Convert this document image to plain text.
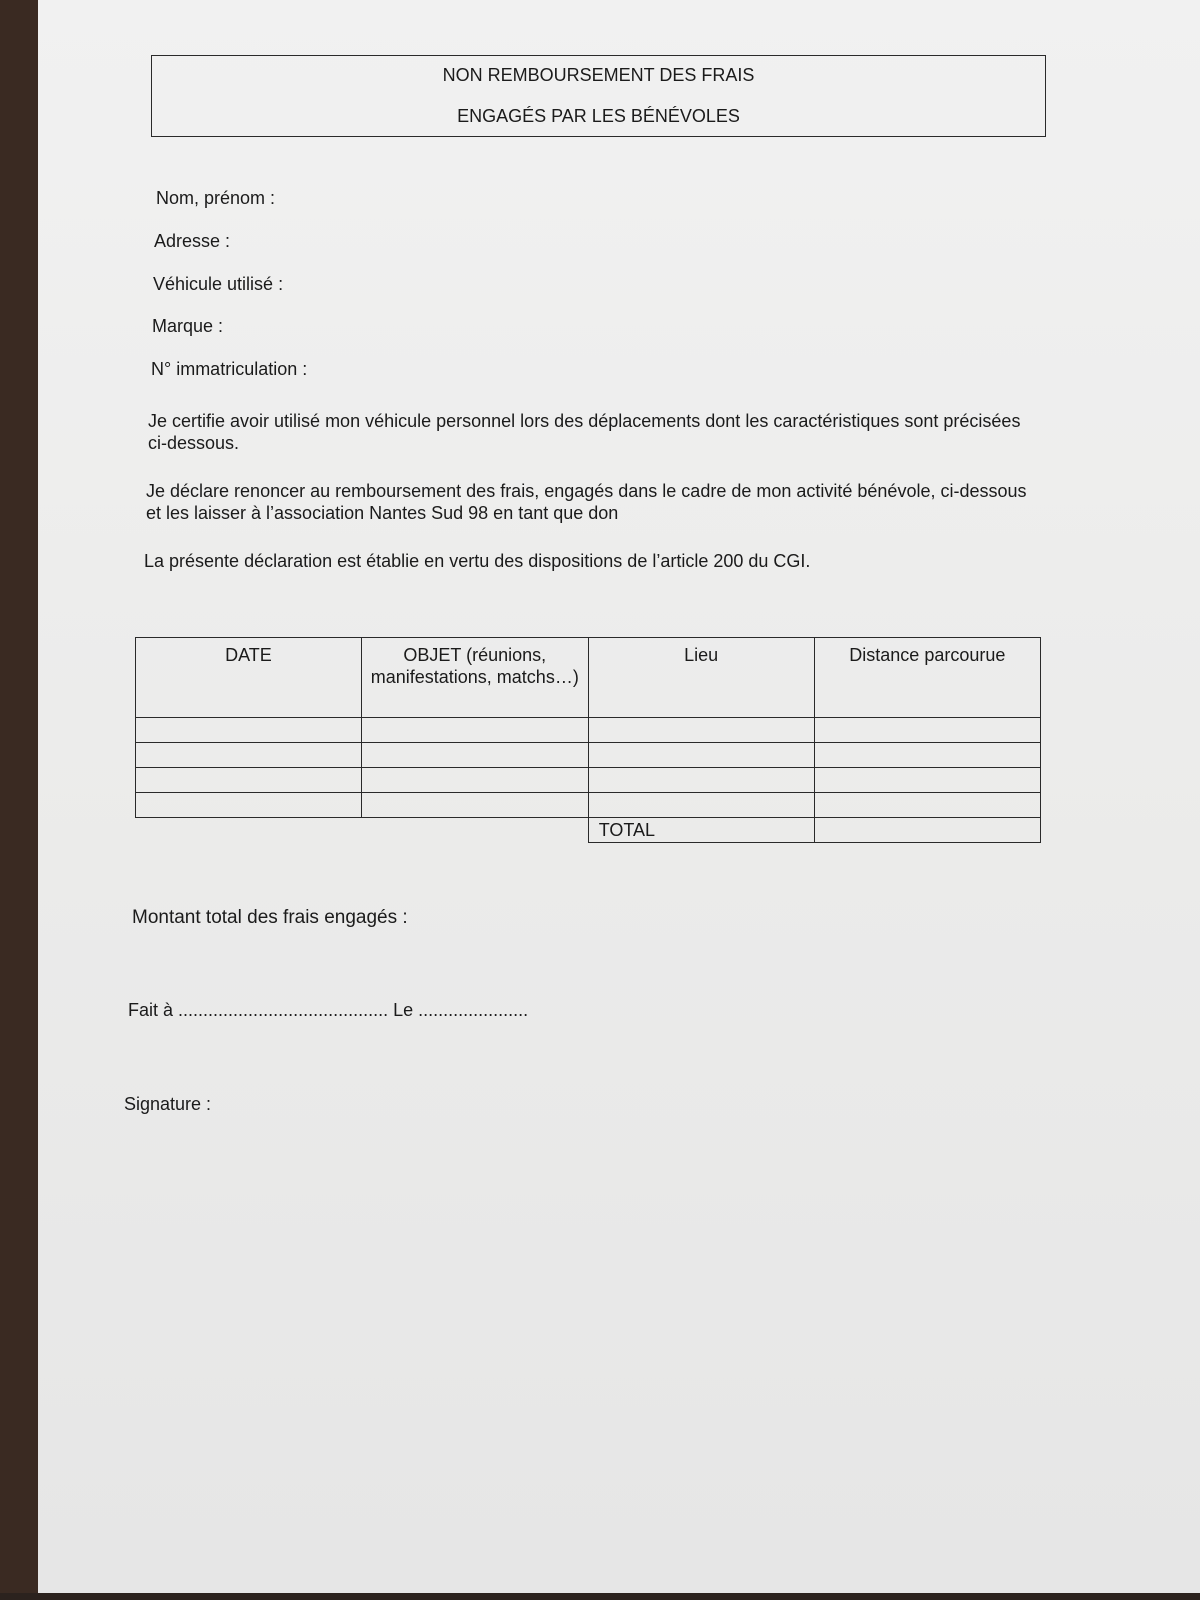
NON REMBOURSEMENT DES FRAIS
ENGAGÉS PAR LES BÉNÉVOLES
Nom, prénom :
Adresse :
Véhicule utilisé :
Marque :
N° immatriculation :
Je certifie avoir utilisé mon véhicule personnel lors des déplacements dont les caractéristiques sont précisées ci-dessous.
Je déclare renoncer au remboursement des frais, engagés dans le cadre de mon activité bénévole, ci-dessous et les laisser à l’association Nantes Sud 98 en tant que don
La présente déclaration est établie en vertu des dispositions de l’article 200 du CGI.
DATE	OBJET (réunions, manifestations, matchs…)	Lieu	Distance parcourue

		TOTAL	
Montant total des frais engagés :
Fait à .......................................... Le ......................
Signature :
